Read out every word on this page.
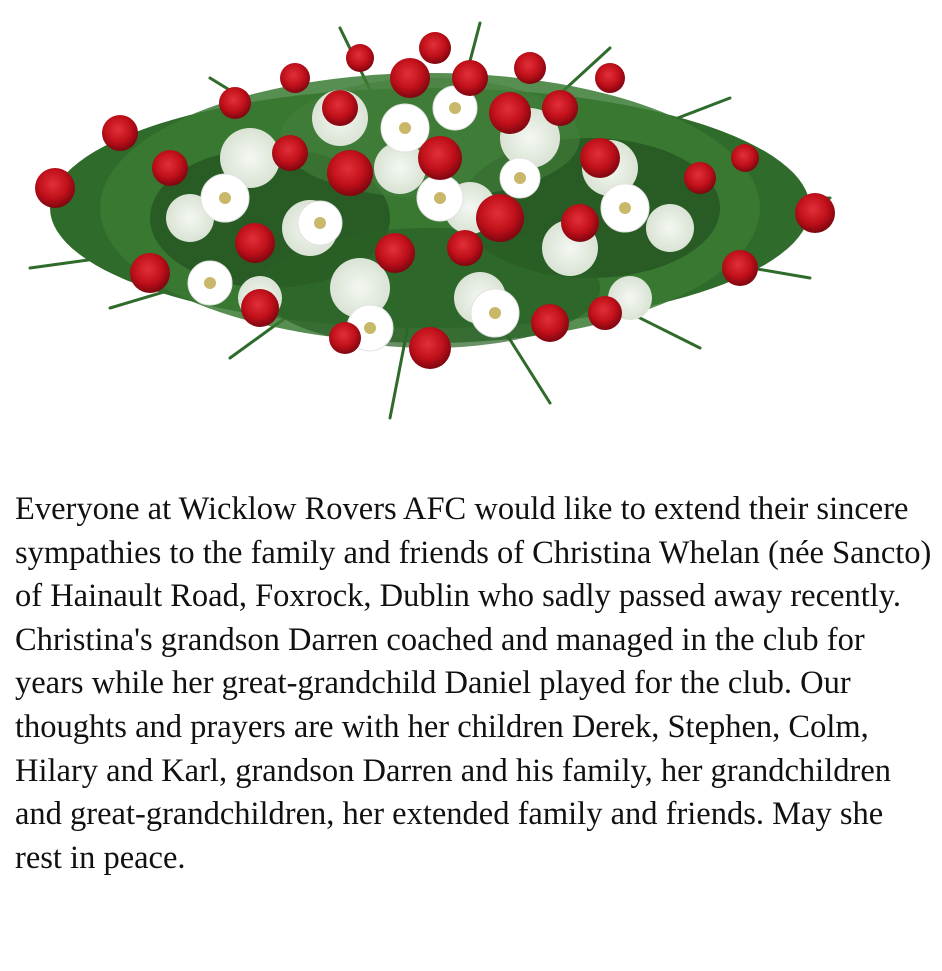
Everyone at Wicklow Rovers AFC would like to extend their sincere sympathies to the family and friends of Christina Whelan (née Sancto) of Hainault Road, Foxrock, Dublin who sadly passed away recently. Christina's grandson Darren coached and managed in the club for years while her great-grandchild Daniel played for the club. Our thoughts and prayers are with her children Derek, Stephen, Colm, Hilary and Karl, grandson Darren and his family, her grandchildren and great-grandchildren, her extended family and friends. May she rest in peace.
